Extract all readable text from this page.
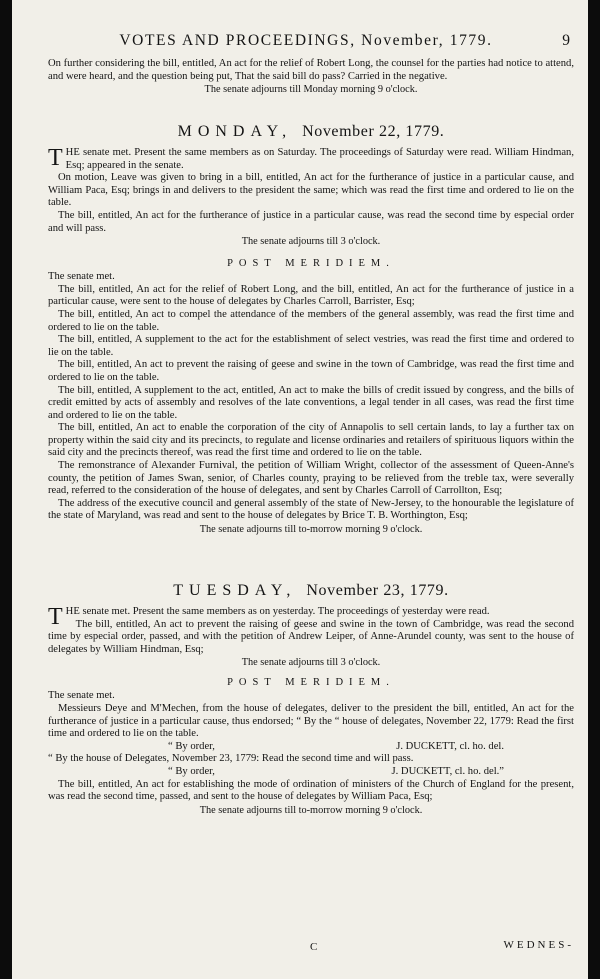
VOTES AND PROCEEDINGS, November, 1779.	9

On further considering the bill, entitled, An act for the relief of Robert Long, the counsel for the parties had notice to attend, and were heard, and the question being put, That the said bill do pass? Carried in the negative.

The senate adjourns till Monday morning 9 o'clock.

MONDAY, November 22, 1779.

THE senate met. Present the same members as on Saturday. The proceedings of Saturday were read. William Hindman, Esq; appeared in the senate.

On motion, Leave was given to bring in a bill, entitled, An act for the furtherance of justice in a particular cause, and William Paca, Esq; brings in and delivers to the president the same; which was read the first time and ordered to lie on the table.

The bill, entitled, An act for the furtherance of justice in a particular cause, was read the second time by especial order and will pass.

The senate adjourns till 3 o'clock.

POST MERIDIEM.

The senate met.

The bill, entitled, An act for the relief of Robert Long, and the bill, entitled, An act for the furtherance of justice in a particular cause, were sent to the house of delegates by Charles Carroll, Barrister, Esq;

The bill, entitled, An act to compel the attendance of the members of the general assembly, was read the first time and ordered to lie on the table.

The bill, entitled, A supplement to the act for the establishment of select vestries, was read the first time and ordered to lie on the table.

The bill, entitled, An act to prevent the raising of geese and swine in the town of Cambridge, was read the first time and ordered to lie on the table.

The bill, entitled, A supplement to the act, entitled, An act to make the bills of credit issued by congress, and the bills of credit emitted by acts of assembly and resolves of the late conventions, a legal tender in all cases, was read the first time and ordered to lie on the table.

The bill, entitled, An act to enable the corporation of the city of Annapolis to sell certain lands, to lay a further tax on property within the said city and its precincts, to regulate and license ordinaries and retailers of spirituous liquors within the said city and the precincts thereof, was read the first time and ordered to lie on the table.

The remonstrance of Alexander Furnival, the petition of William Wright, collector of the assessment of Queen-Anne's county, the petition of James Swan, senior, of Charles county, praying to be relieved from the treble tax, were severally read, referred to the consideration of the house of delegates, and sent by Charles Carroll of Carrollton, Esq;

The address of the executive council and general assembly of the state of New-Jersey, to the honourable the legislature of the state of Maryland, was read and sent to the house of delegates by Brice T. B. Worthington, Esq;

The senate adjourns till to-morrow morning 9 o'clock.

TUESDAY, November 23, 1779.

THE senate met. Present the same members as on yesterday. The proceedings of yesterday were read.

The bill, entitled, An act to prevent the raising of geese and swine in the town of Cambridge, was read the second time by especial order, passed, and with the petition of Andrew Leiper, of Anne-Arundel county, was sent to the house of delegates by William Hindman, Esq;

The senate adjourns till 3 o'clock.

POST MERIDIEM.

The senate met.

Messieurs Deye and M'Mechen, from the house of delegates, deliver to the president the bill, entitled, An act for the furtherance of justice in a particular cause, thus endorsed; “ By the “ house of delegates, November 22, 1779: Read the first time and ordered to lie on the table.

“ By order,	J. DUCKETT, cl. ho. del.

“ By the house of Delegates, November 23, 1779: Read the second time and will pass.

“ By order,	J. DUCKETT, cl. ho. del.”

The bill, entitled, An act for establishing the mode of ordination of ministers of the Church of England for the present, was read the second time, passed, and sent to the house of delegates by William Paca, Esq;

The senate adjourns till to-morrow morning 9 o'clock.

C	WEDNES-
